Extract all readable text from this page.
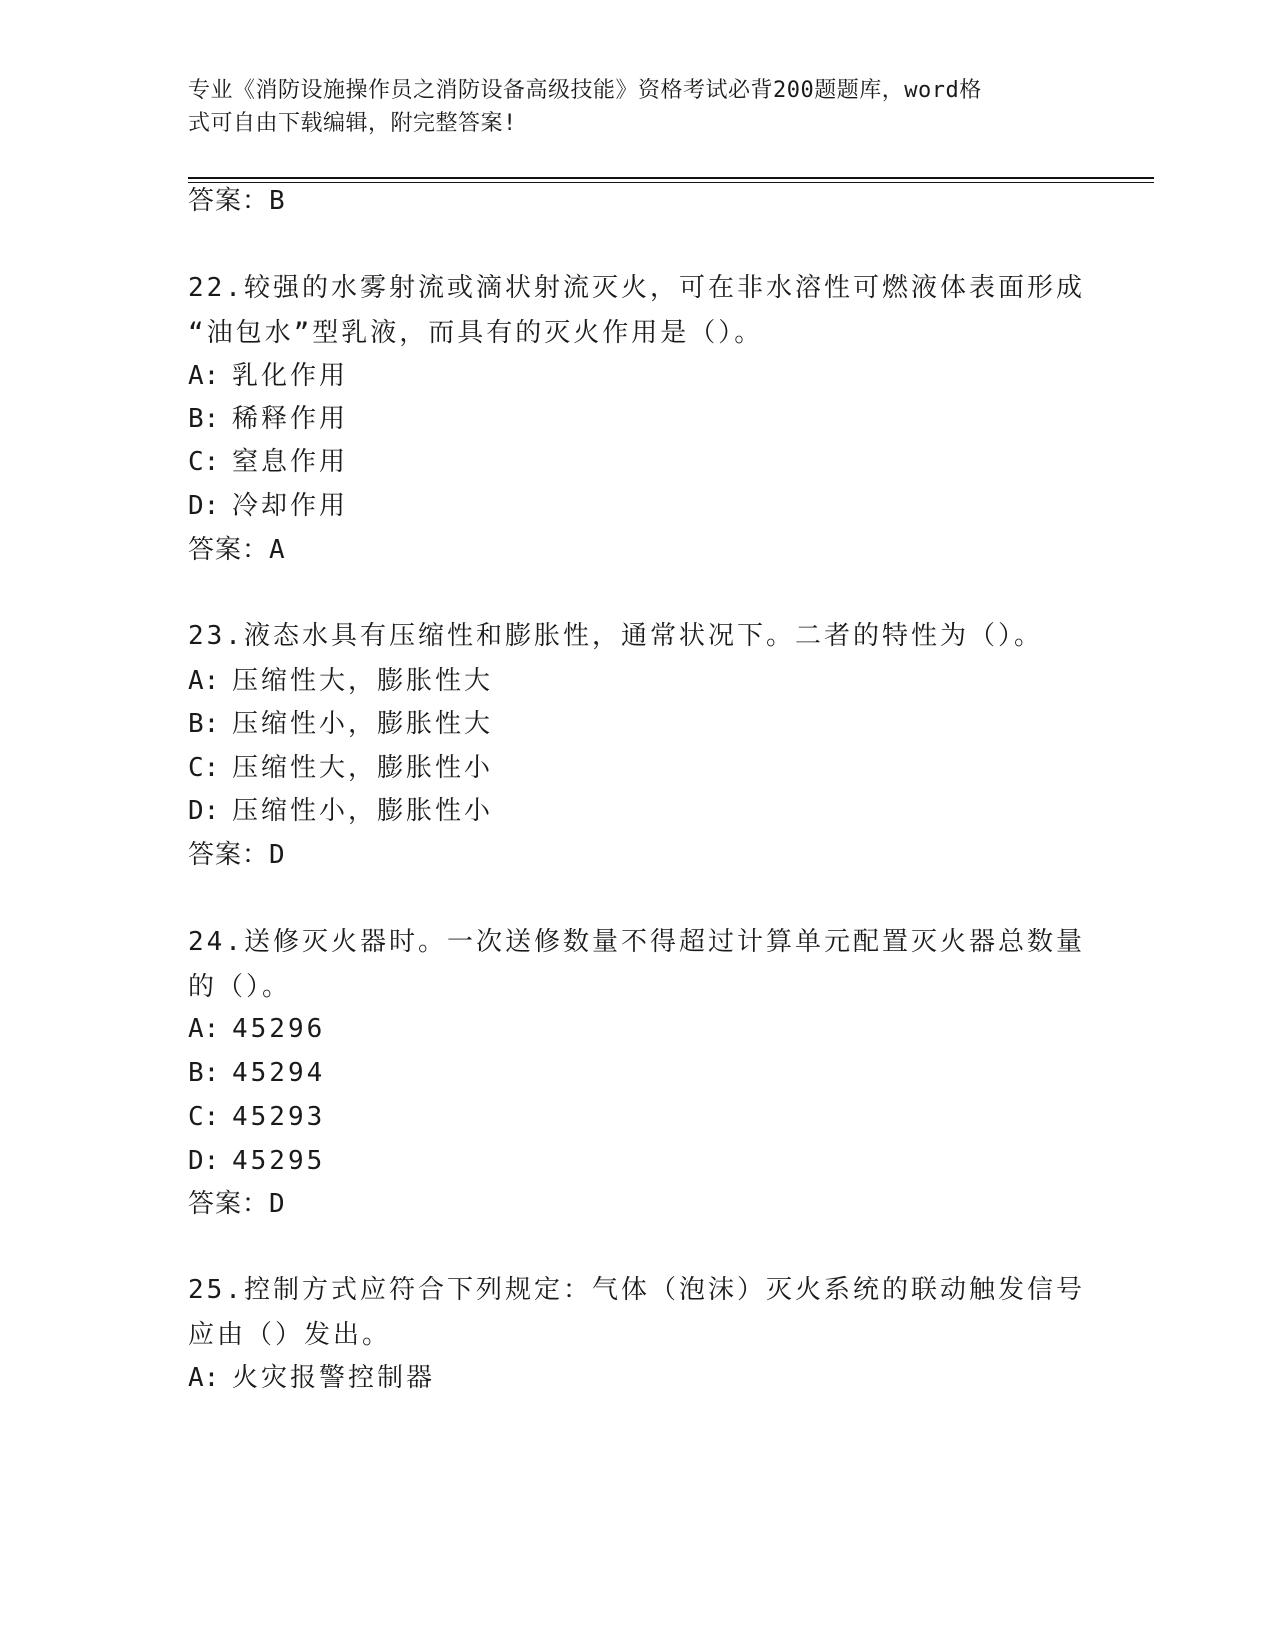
专业《消防设施操作员之消防设备高级技能》资格考试必背200题题库，word格
式可自由下载编辑，附完整答案!
答案：B
22.较强的水雾射流或滴状射流灭火，可在非水溶性可燃液体表面形成
“油包水”型乳液，而具有的灭火作用是（）。
A: 乳化作用
B: 稀释作用
C: 窒息作用
D: 冷却作用
答案：A
23.液态水具有压缩性和膨胀性，通常状况下。二者的特性为（）。
A: 压缩性大，膨胀性大
B: 压缩性小，膨胀性大
C: 压缩性大，膨胀性小
D: 压缩性小，膨胀性小
答案：D
24.送修灭火器时。一次送修数量不得超过计算单元配置灭火器总数量
的（）。
A: 45296
B: 45294
C: 45293
D: 45295
答案：D
25.控制方式应符合下列规定：气体（泡沫）灭火系统的联动触发信号
应由（）发出。
A: 火灾报警控制器
